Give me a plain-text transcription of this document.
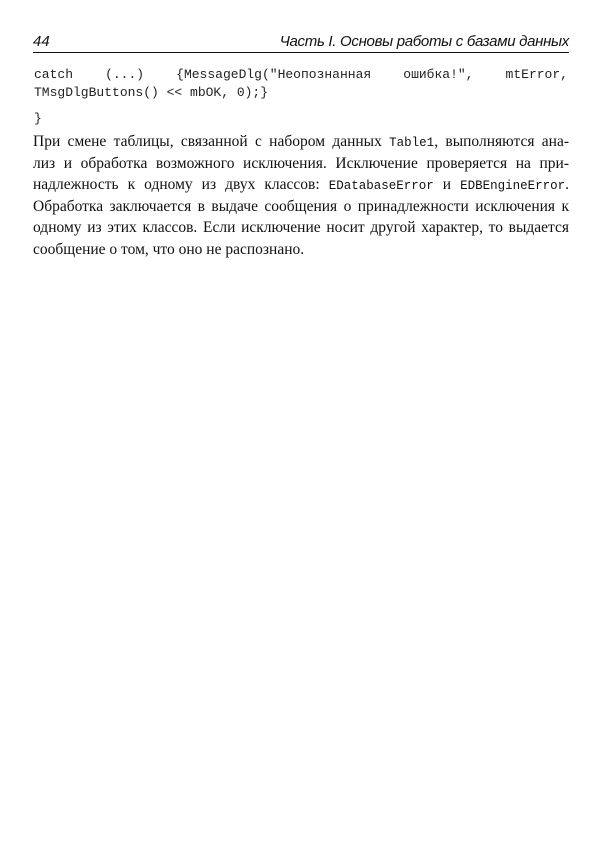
44	Часть I. Основы работы с базами данных
catch (...) {MessageDlg("Неопознанная ошибка!", mtError,
TMsgDlgButtons() << mbOK, 0);}
}
При смене таблицы, связанной с набором данных Table1, выполняются ана-
лиз и обработка возможного исключения. Исключение проверяется на при-
надлежность к одному из двух классов: EDatabaseError и EDBEngineError.
Обработка заключается в выдаче сообщения о принадлежности исключения к
одному из этих классов. Если исключение носит другой характер, то выдается
сообщение о том, что оно не распознано.
